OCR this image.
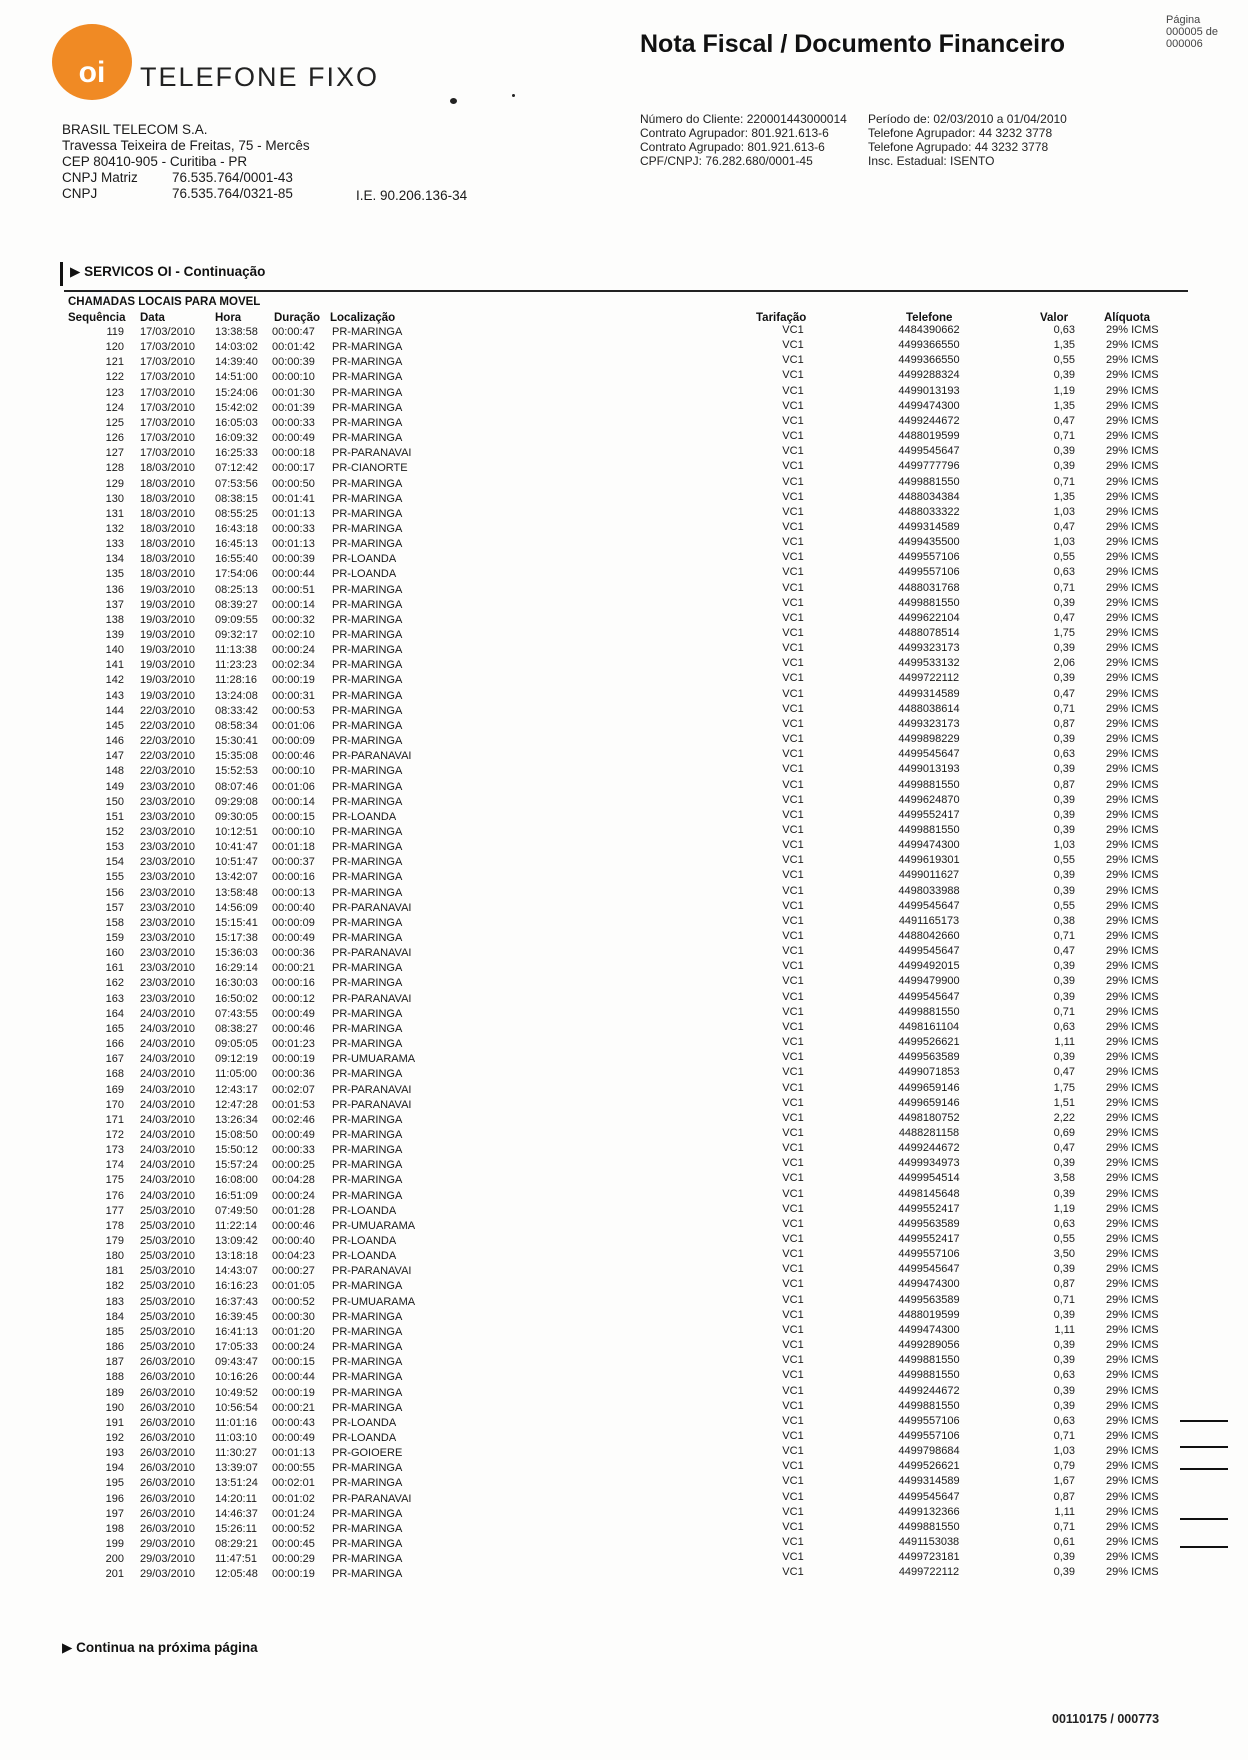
oi	TELEFONE FIXO
Nota Fiscal / Documento Financeiro
Página
000005 de
000006
BRASIL TELECOM S.A.
Travessa Teixeira de Freitas, 75 - Mercês
CEP 80410-905 - Curitiba - PR
CNPJ Matriz	76.535.764/0001-43
CNPJ	76.535.764/0321-85	I.E. 90.206.136-34
Número do Cliente: 220001443000014
Contrato Agrupador: 801.921.613-6
Contrato Agrupado: 801.921.613-6
CPF/CNPJ: 76.282.680/0001-45
Período de: 02/03/2010 a 01/04/2010
Telefone Agrupador: 44 3232 3778
Telefone Agrupado: 44 3232 3778
Insc. Estadual: ISENTO
▶ SERVICOS OI - Continuação
CHAMADAS LOCAIS PARA MOVEL
Sequência Data	Hora	Duração Localização	Tarifação	Telefone	Valor	Alíquota
119 17/03/2010	13:38:58	00:00:47	PR-MARINGA	VC1	4484390662	0,63	29% ICMS
120 17/03/2010	14:03:02	00:01:42	PR-MARINGA	VC1	4499366550	1,35	29% ICMS
121 17/03/2010	14:39:40	00:00:39	PR-MARINGA	VC1	4499366550	0,55	29% ICMS
122 17/03/2010	14:51:00	00:00:10	PR-MARINGA	VC1	4499288324	0,39	29% ICMS
123 17/03/2010	15:24:06	00:01:30	PR-MARINGA	VC1	4499013193	1,19	29% ICMS
124 17/03/2010	15:42:02	00:01:39	PR-MARINGA	VC1	4499474300	1,35	29% ICMS
125 17/03/2010	16:05:03	00:00:33	PR-MARINGA	VC1	4499244672	0,47	29% ICMS
126 17/03/2010	16:09:32	00:00:49	PR-MARINGA	VC1	4488019599	0,71	29% ICMS
127 17/03/2010	16:25:33	00:00:18	PR-PARANAVAI	VC1	4499545647	0,39	29% ICMS
128 18/03/2010	07:12:42	00:00:17	PR-CIANORTE	VC1	4499777796	0,39	29% ICMS
129 18/03/2010	07:53:56	00:00:50	PR-MARINGA	VC1	4499881550	0,71	29% ICMS
130 18/03/2010	08:38:15	00:01:41	PR-MARINGA	VC1	4488034384	1,35	29% ICMS
131 18/03/2010	08:55:25	00:01:13	PR-MARINGA	VC1	4488033322	1,03	29% ICMS
132 18/03/2010	16:43:18	00:00:33	PR-MARINGA	VC1	4499314589	0,47	29% ICMS
133 18/03/2010	16:45:13	00:01:13	PR-MARINGA	VC1	4499435500	1,03	29% ICMS
134 18/03/2010	16:55:40	00:00:39	PR-LOANDA	VC1	4499557106	0,55	29% ICMS
135 18/03/2010	17:54:06	00:00:44	PR-LOANDA	VC1	4499557106	0,63	29% ICMS
136 19/03/2010	08:25:13	00:00:51	PR-MARINGA	VC1	4488031768	0,71	29% ICMS
137 19/03/2010	08:39:27	00:00:14	PR-MARINGA	VC1	4499881550	0,39	29% ICMS
138 19/03/2010	09:09:55	00:00:32	PR-MARINGA	VC1	4499622104	0,47	29% ICMS
139 19/03/2010	09:32:17	00:02:10	PR-MARINGA	VC1	4488078514	1,75	29% ICMS
140 19/03/2010	11:13:38	00:00:24	PR-MARINGA	VC1	4499323173	0,39	29% ICMS
141 19/03/2010	11:23:23	00:02:34	PR-MARINGA	VC1	4499533132	2,06	29% ICMS
142 19/03/2010	11:28:16	00:00:19	PR-MARINGA	VC1	4499722112	0,39	29% ICMS
143 19/03/2010	13:24:08	00:00:31	PR-MARINGA	VC1	4499314589	0,47	29% ICMS
144 22/03/2010	08:33:42	00:00:53	PR-MARINGA	VC1	4488038614	0,71	29% ICMS
145 22/03/2010	08:58:34	00:01:06	PR-MARINGA	VC1	4499323173	0,87	29% ICMS
146 22/03/2010	15:30:41	00:00:09	PR-MARINGA	VC1	4499898229	0,39	29% ICMS
147 22/03/2010	15:35:08	00:00:46	PR-PARANAVAI	VC1	4499545647	0,63	29% ICMS
148 22/03/2010	15:52:53	00:00:10	PR-MARINGA	VC1	4499013193	0,39	29% ICMS
149 23/03/2010	08:07:46	00:01:06	PR-MARINGA	VC1	4499881550	0,87	29% ICMS
150 23/03/2010	09:29:08	00:00:14	PR-MARINGA	VC1	4499624870	0,39	29% ICMS
151 23/03/2010	09:30:05	00:00:15	PR-LOANDA	VC1	4499552417	0,39	29% ICMS
152 23/03/2010	10:12:51	00:00:10	PR-MARINGA	VC1	4499881550	0,39	29% ICMS
153 23/03/2010	10:41:47	00:01:18	PR-MARINGA	VC1	4499474300	1,03	29% ICMS
154 23/03/2010	10:51:47	00:00:37	PR-MARINGA	VC1	4499619301	0,55	29% ICMS
155 23/03/2010	13:42:07	00:00:16	PR-MARINGA	VC1	4499011627	0,39	29% ICMS
156 23/03/2010	13:58:48	00:00:13	PR-MARINGA	VC1	4498033988	0,39	29% ICMS
157 23/03/2010	14:56:09	00:00:40	PR-PARANAVAI	VC1	4499545647	0,55	29% ICMS
158 23/03/2010	15:15:41	00:00:09	PR-MARINGA	VC1	4491165173	0,38	29% ICMS
159 23/03/2010	15:17:38	00:00:49	PR-MARINGA	VC1	4488042660	0,71	29% ICMS
160 23/03/2010	15:36:03	00:00:36	PR-PARANAVAI	VC1	4499545647	0,47	29% ICMS
161 23/03/2010	16:29:14	00:00:21	PR-MARINGA	VC1	4499492015	0,39	29% ICMS
162 23/03/2010	16:30:03	00:00:16	PR-MARINGA	VC1	4499479900	0,39	29% ICMS
163 23/03/2010	16:50:02	00:00:12	PR-PARANAVAI	VC1	4499545647	0,39	29% ICMS
164 24/03/2010	07:43:55	00:00:49	PR-MARINGA	VC1	4499881550	0,71	29% ICMS
165 24/03/2010	08:38:27	00:00:46	PR-MARINGA	VC1	4498161104	0,63	29% ICMS
166 24/03/2010	09:05:05	00:01:23	PR-MARINGA	VC1	4499526621	1,11	29% ICMS
167 24/03/2010	09:12:19	00:00:19	PR-UMUARAMA	VC1	4499563589	0,39	29% ICMS
168 24/03/2010	11:05:00	00:00:36	PR-MARINGA	VC1	4499071853	0,47	29% ICMS
169 24/03/2010	12:43:17	00:02:07	PR-PARANAVAI	VC1	4499659146	1,75	29% ICMS
170 24/03/2010	12:47:28	00:01:53	PR-PARANAVAI	VC1	4499659146	1,51	29% ICMS
171 24/03/2010	13:26:34	00:02:46	PR-MARINGA	VC1	4498180752	2,22	29% ICMS
172 24/03/2010	15:08:50	00:00:49	PR-MARINGA	VC1	4488281158	0,69	29% ICMS
173 24/03/2010	15:50:12	00:00:33	PR-MARINGA	VC1	4499244672	0,47	29% ICMS
174 24/03/2010	15:57:24	00:00:25	PR-MARINGA	VC1	4499934973	0,39	29% ICMS
175 24/03/2010	16:08:00	00:04:28	PR-MARINGA	VC1	4499954514	3,58	29% ICMS
176 24/03/2010	16:51:09	00:00:24	PR-MARINGA	VC1	4498145648	0,39	29% ICMS
177 25/03/2010	07:49:50	00:01:28	PR-LOANDA	VC1	4499552417	1,19	29% ICMS
178 25/03/2010	11:22:14	00:00:46	PR-UMUARAMA	VC1	4499563589	0,63	29% ICMS
179 25/03/2010	13:09:42	00:00:40	PR-LOANDA	VC1	4499552417	0,55	29% ICMS
180 25/03/2010	13:18:18	00:04:23	PR-LOANDA	VC1	4499557106	3,50	29% ICMS
181 25/03/2010	14:43:07	00:00:27	PR-PARANAVAI	VC1	4499545647	0,39	29% ICMS
182 25/03/2010	16:16:23	00:01:05	PR-MARINGA	VC1	4499474300	0,87	29% ICMS
183 25/03/2010	16:37:43	00:00:52	PR-UMUARAMA	VC1	4499563589	0,71	29% ICMS
184 25/03/2010	16:39:45	00:00:30	PR-MARINGA	VC1	4488019599	0,39	29% ICMS
185 25/03/2010	16:41:13	00:01:20	PR-MARINGA	VC1	4499474300	1,11	29% ICMS
186 25/03/2010	17:05:33	00:00:24	PR-MARINGA	VC1	4499289056	0,39	29% ICMS
187 26/03/2010	09:43:47	00:00:15	PR-MARINGA	VC1	4499881550	0,39	29% ICMS
188 26/03/2010	10:16:26	00:00:44	PR-MARINGA	VC1	4499881550	0,63	29% ICMS
189 26/03/2010	10:49:52	00:00:19	PR-MARINGA	VC1	4499244672	0,39	29% ICMS
190 26/03/2010	10:56:54	00:00:21	PR-MARINGA	VC1	4499881550	0,39	29% ICMS
191 26/03/2010	11:01:16	00:00:43	PR-LOANDA	VC1	4499557106	0,63	29% ICMS
192 26/03/2010	11:03:10	00:00:49	PR-LOANDA	VC1	4499557106	0,71	29% ICMS
193 26/03/2010	11:30:27	00:01:13	PR-GOIOERE	VC1	4499798684	1,03	29% ICMS
194 26/03/2010	13:39:07	00:00:55	PR-MARINGA	VC1	4499526621	0,79	29% ICMS
195 26/03/2010	13:51:24	00:02:01	PR-MARINGA	VC1	4499314589	1,67	29% ICMS
196 26/03/2010	14:20:11	00:01:02	PR-PARANAVAI	VC1	4499545647	0,87	29% ICMS
197 26/03/2010	14:46:37	00:01:24	PR-MARINGA	VC1	4499132366	1,11	29% ICMS
198 26/03/2010	15:26:11	00:00:52	PR-MARINGA	VC1	4499881550	0,71	29% ICMS
199 29/03/2010	08:29:21	00:00:45	PR-MARINGA	VC1	4491153038	0,61	29% ICMS
200 29/03/2010	11:47:51	00:00:29	PR-MARINGA	VC1	4499723181	0,39	29% ICMS
201 29/03/2010	12:05:48	00:00:19	PR-MARINGA	VC1	4499722112	0,39	29% ICMS
▶ Continua na próxima página
00110175 / 000773
